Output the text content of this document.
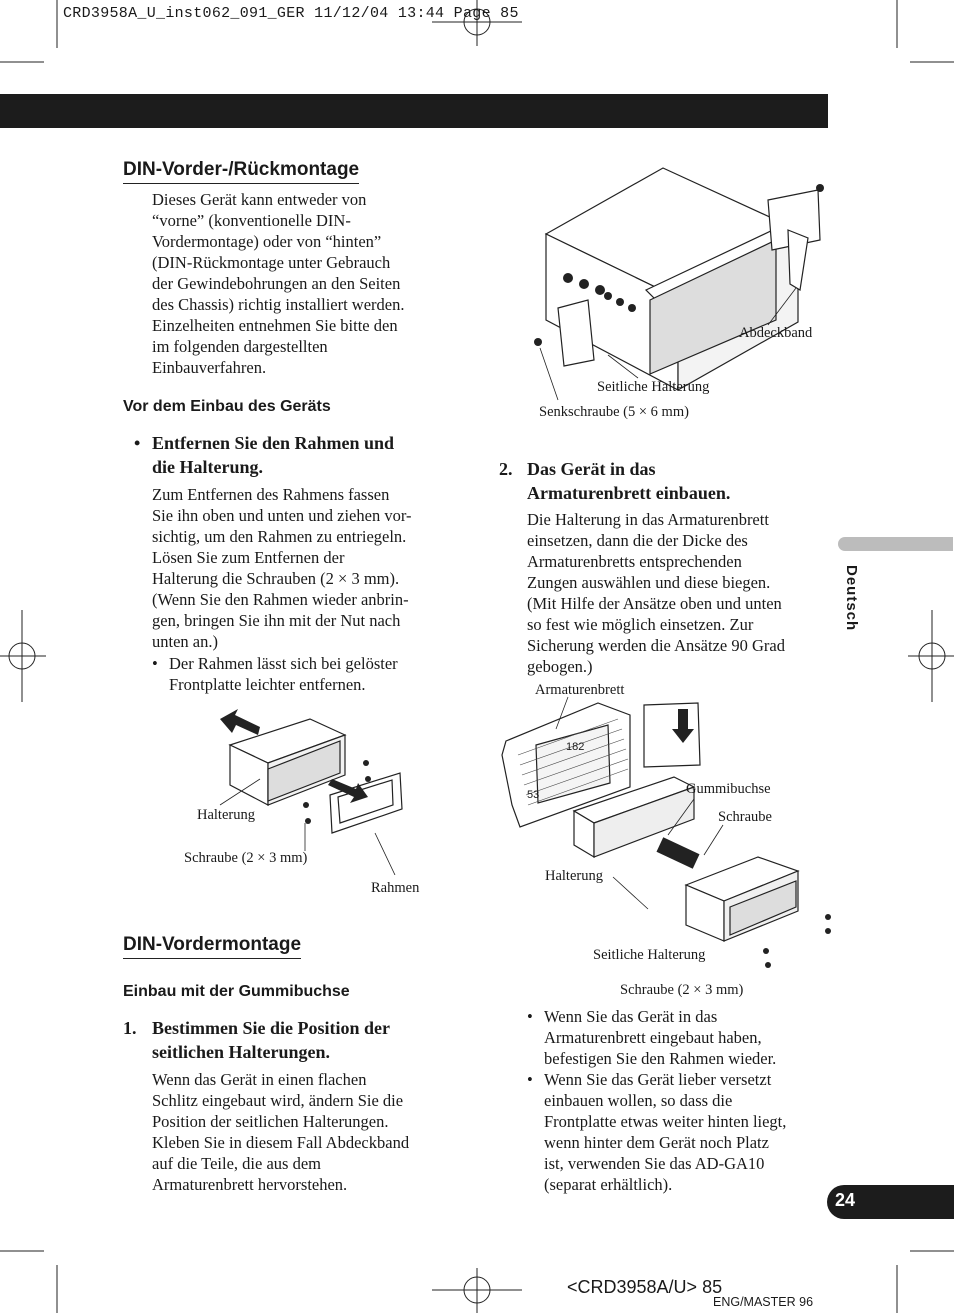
CRD3958A_U_inst062_091_GER 11/12/04 13:44 Page 85
DIN-Vorder-/Rückmontage
Dieses Gerät kann entweder von
“vorne” (konventionelle DIN-
Vordermontage) oder von “hinten”
(DIN-Rückmontage unter Gebrauch
der Gewindebohrungen an den Seiten
des Chassis) richtig installiert werden.
Einzelheiten entnehmen Sie bitte den
im folgenden dargestellten
Einbauverfahren.
Vor dem Einbau des Geräts
• Entfernen Sie den Rahmen und
die Halterung.
Zum Entfernen des Rahmens fassen
Sie ihn oben und unten und ziehen vor-
sichtig, um den Rahmen zu entriegeln.
Lösen Sie zum Entfernen der
Halterung die Schrauben (2 × 3 mm).
(Wenn Sie den Rahmen wieder anbrin-
gen, bringen Sie ihn mit der Nut nach
unten an.)
• Der Rahmen lässt sich bei gelöster
Frontplatte leichter entfernen.
Halterung
Schraube (2 × 3 mm)
Rahmen
DIN-Vordermontage
Einbau mit der Gummibuchse
1. Bestimmen Sie die Position der
seitlichen Halterungen.
Wenn das Gerät in einen flachen
Schlitz eingebaut wird, ändern Sie die
Position der seitlichen Halterungen.
Kleben Sie in diesem Fall Abdeckband
auf die Teile, die aus dem
Armaturenbrett hervorstehen.
Abdeckband
Seitliche Halterung
Senkschraube (5 × 6 mm)
2. Das Gerät in das
Armaturenbrett einbauen.
Die Halterung in das Armaturenbrett
einsetzen, dann die der Dicke des
Armaturenbretts entsprechenden
Zungen auswählen und diese biegen.
(Mit Hilfe der Ansätze oben und unten
so fest wie möglich einsetzen. Zur
Sicherung werden die Ansätze 90 Grad
gebogen.)
Armaturenbrett
182
53	Gummibuchse
Schraube
Halterung
Seitliche Halterung
Schraube (2 × 3 mm)
• Wenn Sie das Gerät in das
Armaturenbrett eingebaut haben,
befestigen Sie den Rahmen wieder.
• Wenn Sie das Gerät lieber versetzt
einbauen wollen, so dass die
Frontplatte etwas weiter hinten liegt,
wenn hinter dem Gerät noch Platz
ist, verwenden Sie das AD-GA10
(separat erhältlich).
Deutsch
24
<CRD3958A/U> 85
ENG/MASTER 96
